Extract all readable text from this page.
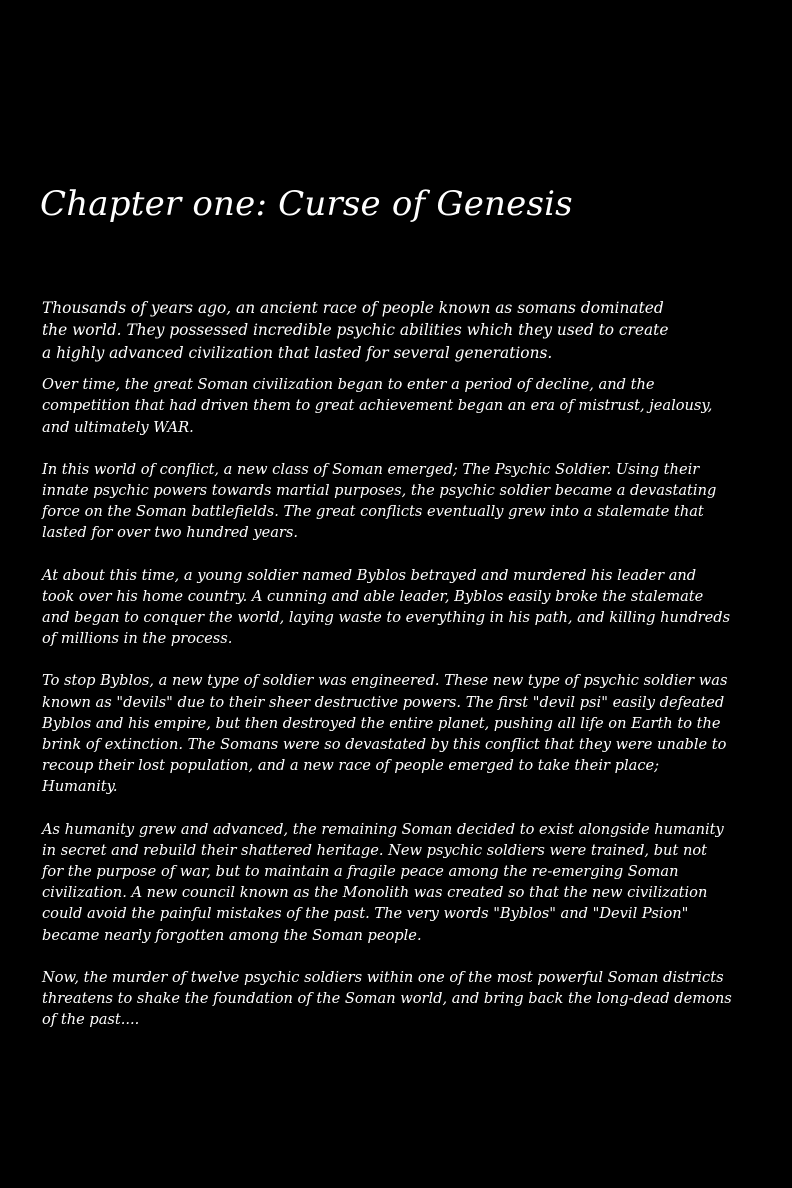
Chapter one: Curse of Genesis

Thousands of years ago, an ancient race of people known as somans dominated the world. They possessed incredible psychic abilities which they used to create a highly advanced civilization that lasted for several generations.

Over time, the great Soman civilization began to enter a period of decline, and the competition that had driven them to great achievement began an era of mistrust, jealousy, and ultimately WAR.

In this world of conflict, a new class of Soman emerged; The Psychic Soldier. Using their innate psychic powers towards martial purposes, the psychic soldier became a devastating force on the Soman battlefields. The great conflicts eventually grew into a stalemate that lasted for over two hundred years.

At about this time, a young soldier named Byblos betrayed and murdered his leader and took over his home country. A cunning and able leader, Byblos easily broke the stalemate and began to conquer the world, laying waste to everything in his path, and killing hundreds of millions in the process.

To stop Byblos, a new type of soldier was engineered. These new type of psychic soldier was known as "devils" due to their sheer destructive powers. The first "devil psi" easily defeated Byblos and his empire, but then destroyed the entire planet, pushing all life on Earth to the brink of extinction. The Somans were so devastated by this conflict that they were unable to recoup their lost population, and a new race of people emerged to take their place; Humanity.

As humanity grew and advanced, the remaining Soman decided to exist alongside humanity in secret and rebuild their shattered heritage. New psychic soldiers were trained, but not for the purpose of war, but to maintain a fragile peace among the re-emerging Soman civilization. A new council known as the Monolith was created so that the new civilization could avoid the painful mistakes of the past. The very words "Byblos" and "Devil Psion" became nearly forgotten among the Soman people.

Now, the murder of twelve psychic soldiers within one of the most powerful Soman districts threatens to shake the foundation of the Soman world, and bring back the long-dead demons of the past....
